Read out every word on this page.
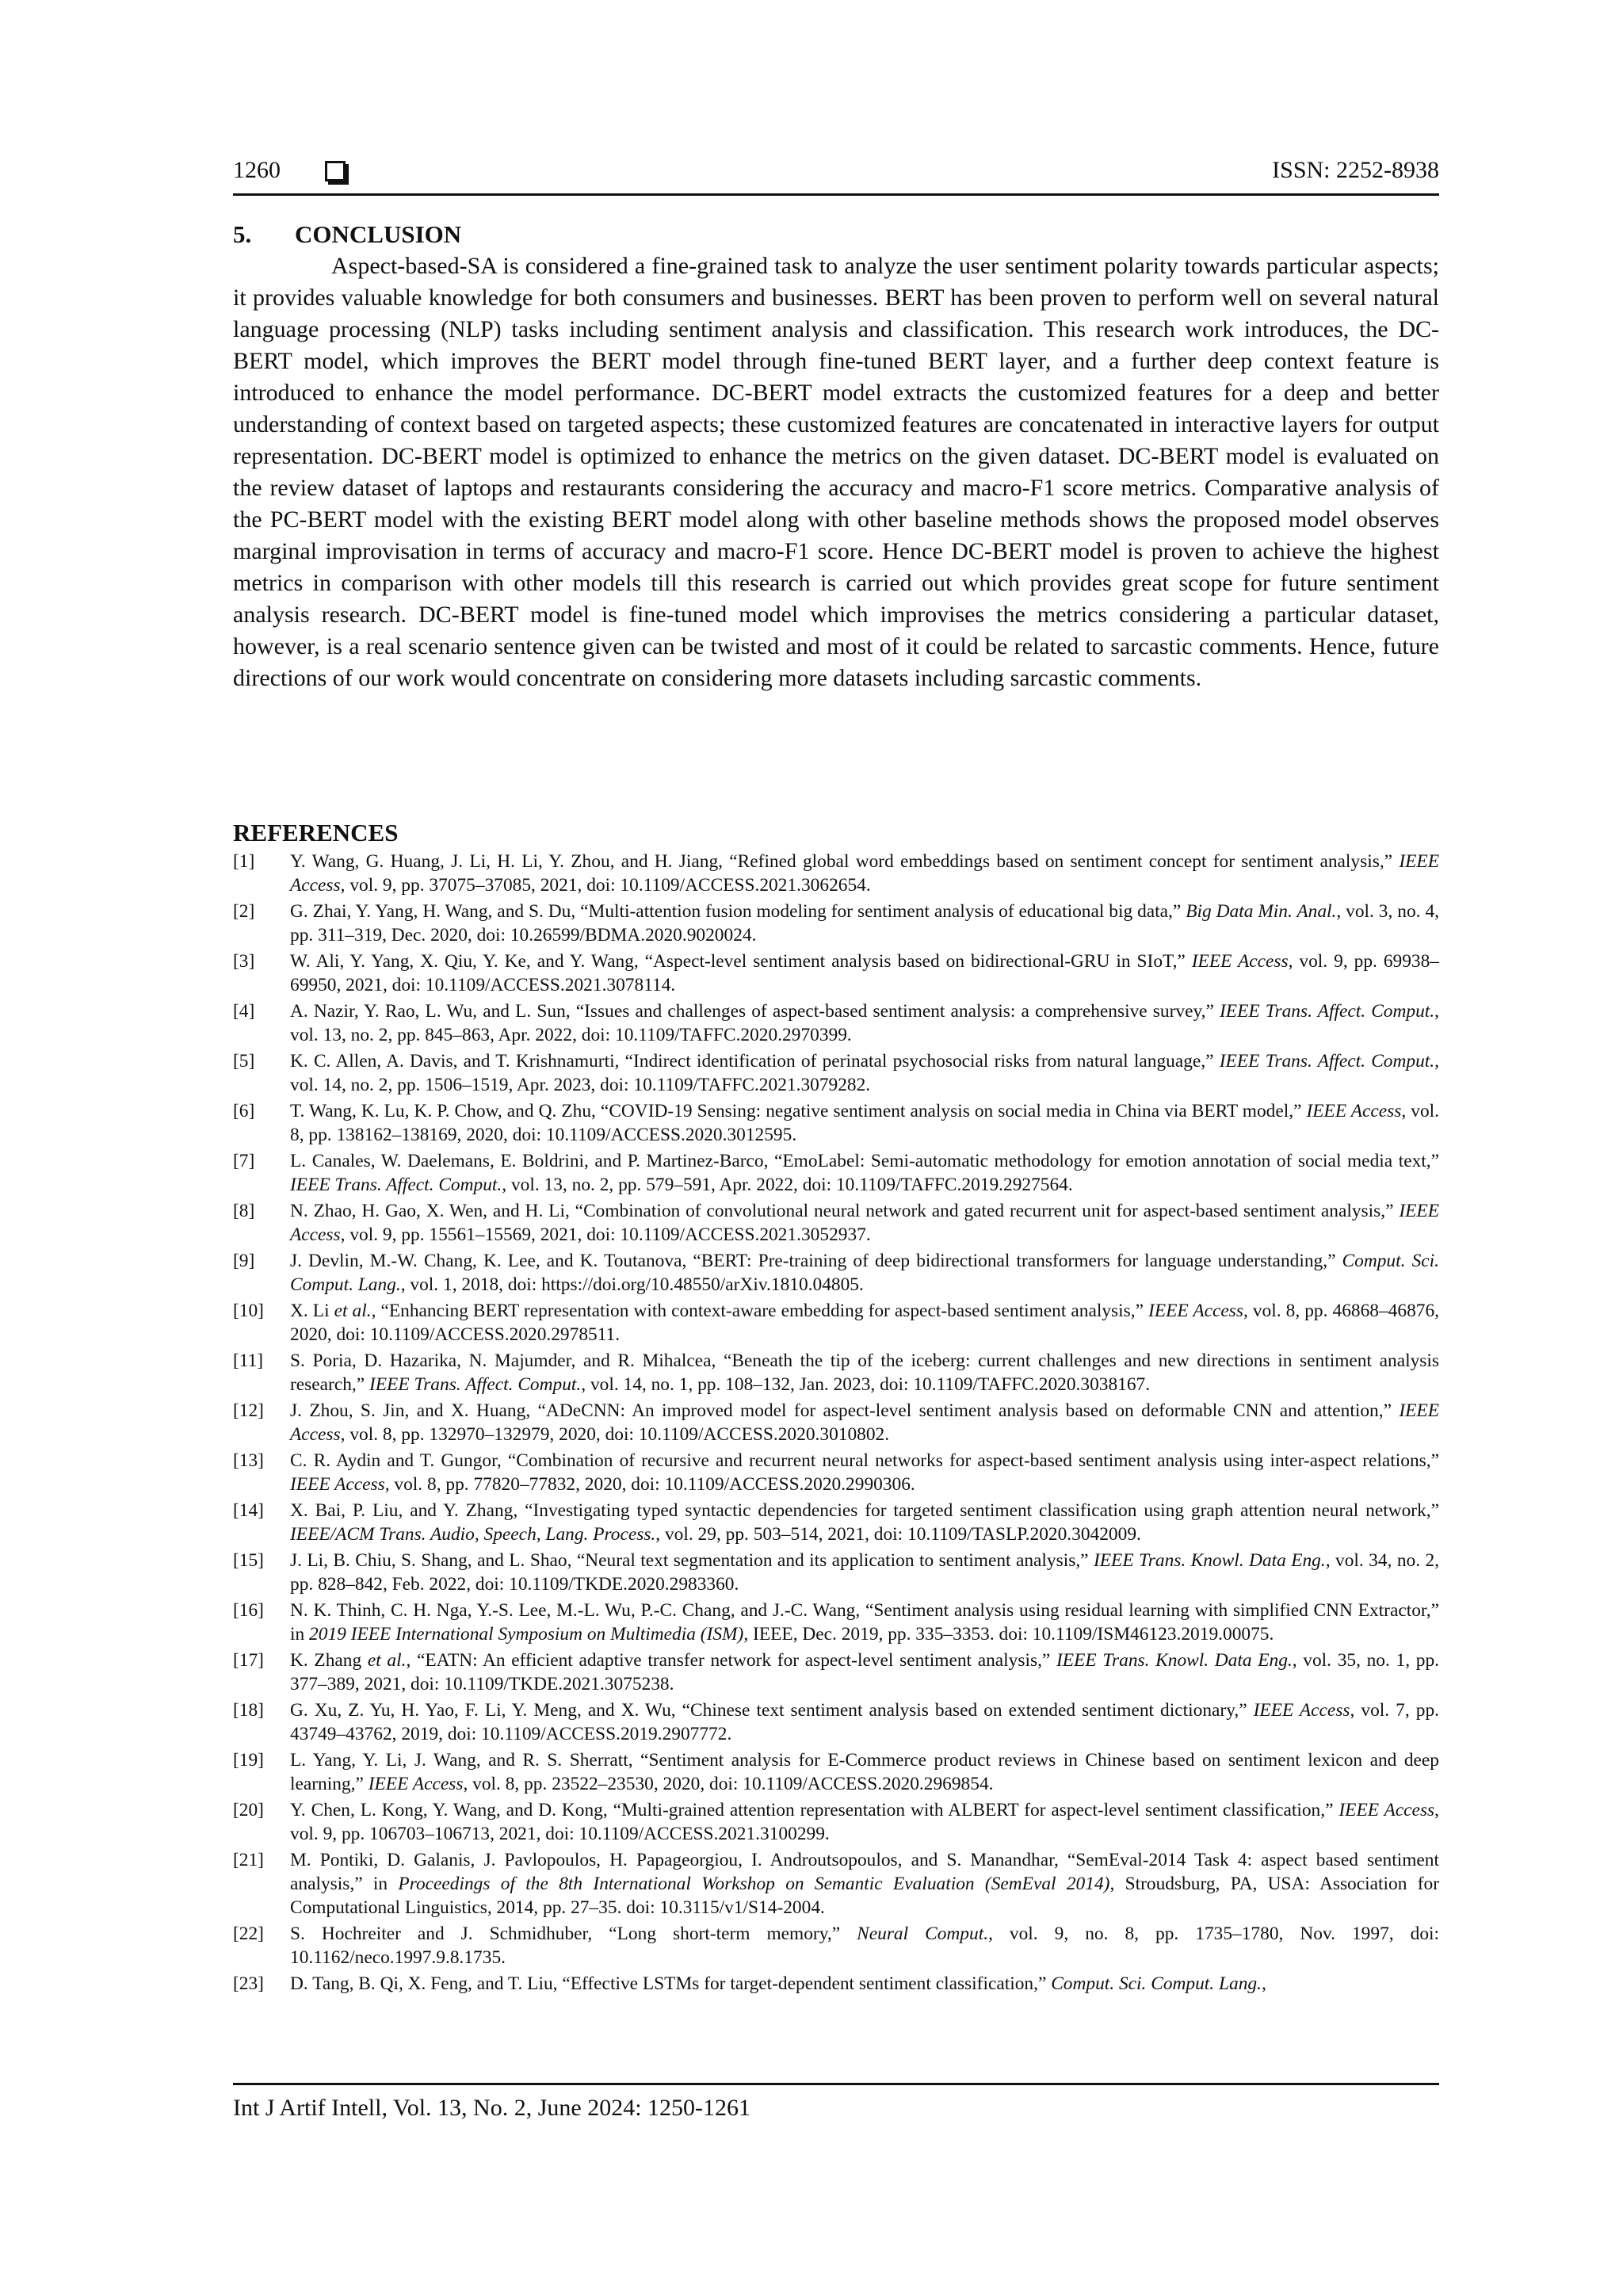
1260	ISSN: 2252-8938
5. CONCLUSION

Aspect-based-SA is considered a fine-grained task to analyze the user sentiment polarity towards particular aspects; it provides valuable knowledge for both consumers and businesses. BERT has been proven to perform well on several natural language processing (NLP) tasks including sentiment analysis and classification. This research work introduces, the DC-BERT model, which improves the BERT model through fine-tuned BERT layer, and a further deep context feature is introduced to enhance the model performance. DC-BERT model extracts the customized features for a deep and better understanding of context based on targeted aspects; these customized features are concatenated in interactive layers for output representation. DC-BERT model is optimized to enhance the metrics on the given dataset. DC-BERT model is evaluated on the review dataset of laptops and restaurants considering the accuracy and macro-F1 score metrics. Comparative analysis of the PC-BERT model with the existing BERT model along with other baseline methods shows the proposed model observes marginal improvisation in terms of accuracy and macro-F1 score. Hence DC-BERT model is proven to achieve the highest metrics in comparison with other models till this research is carried out which provides great scope for future sentiment analysis research. DC-BERT model is fine-tuned model which improvises the metrics considering a particular dataset, however, is a real scenario sentence given can be twisted and most of it could be related to sarcastic comments. Hence, future directions of our work would concentrate on considering more datasets including sarcastic comments.

REFERENCES
[1] Y. Wang, G. Huang, J. Li, H. Li, Y. Zhou, and H. Jiang, “Refined global word embeddings based on sentiment concept for sentiment analysis,” IEEE Access, vol. 9, pp. 37075–37085, 2021, doi: 10.1109/ACCESS.2021.3062654.
[2] G. Zhai, Y. Yang, H. Wang, and S. Du, “Multi-attention fusion modeling for sentiment analysis of educational big data,” Big Data Min. Anal., vol. 3, no. 4, pp. 311–319, Dec. 2020, doi: 10.26599/BDMA.2020.9020024.
[3] W. Ali, Y. Yang, X. Qiu, Y. Ke, and Y. Wang, “Aspect-level sentiment analysis based on bidirectional-GRU in SIoT,” IEEE Access, vol. 9, pp. 69938–69950, 2021, doi: 10.1109/ACCESS.2021.3078114.
[4] A. Nazir, Y. Rao, L. Wu, and L. Sun, “Issues and challenges of aspect-based sentiment analysis: a comprehensive survey,” IEEE Trans. Affect. Comput., vol. 13, no. 2, pp. 845–863, Apr. 2022, doi: 10.1109/TAFFC.2020.2970399.
[5] K. C. Allen, A. Davis, and T. Krishnamurti, “Indirect identification of perinatal psychosocial risks from natural language,” IEEE Trans. Affect. Comput., vol. 14, no. 2, pp. 1506–1519, Apr. 2023, doi: 10.1109/TAFFC.2021.3079282.
[6] T. Wang, K. Lu, K. P. Chow, and Q. Zhu, “COVID-19 Sensing: negative sentiment analysis on social media in China via BERT model,” IEEE Access, vol. 8, pp. 138162–138169, 2020, doi: 10.1109/ACCESS.2020.3012595.
[7] L. Canales, W. Daelemans, E. Boldrini, and P. Martinez-Barco, “EmoLabel: Semi-automatic methodology for emotion annotation of social media text,” IEEE Trans. Affect. Comput., vol. 13, no. 2, pp. 579–591, Apr. 2022, doi: 10.1109/TAFFC.2019.2927564.
[8] N. Zhao, H. Gao, X. Wen, and H. Li, “Combination of convolutional neural network and gated recurrent unit for aspect-based sentiment analysis,” IEEE Access, vol. 9, pp. 15561–15569, 2021, doi: 10.1109/ACCESS.2021.3052937.
[9] J. Devlin, M.-W. Chang, K. Lee, and K. Toutanova, “BERT: Pre-training of deep bidirectional transformers for language understanding,” Comput. Sci. Comput. Lang., vol. 1, 2018, doi: https://doi.org/10.48550/arXiv.1810.04805.
[10] X. Li et al., “Enhancing BERT representation with context-aware embedding for aspect-based sentiment analysis,” IEEE Access, vol. 8, pp. 46868–46876, 2020, doi: 10.1109/ACCESS.2020.2978511.
[11] S. Poria, D. Hazarika, N. Majumder, and R. Mihalcea, “Beneath the tip of the iceberg: current challenges and new directions in sentiment analysis research,” IEEE Trans. Affect. Comput., vol. 14, no. 1, pp. 108–132, Jan. 2023, doi: 10.1109/TAFFC.2020.3038167.
[12] J. Zhou, S. Jin, and X. Huang, “ADeCNN: An improved model for aspect-level sentiment analysis based on deformable CNN and attention,” IEEE Access, vol. 8, pp. 132970–132979, 2020, doi: 10.1109/ACCESS.2020.3010802.
[13] C. R. Aydin and T. Gungor, “Combination of recursive and recurrent neural networks for aspect-based sentiment analysis using inter-aspect relations,” IEEE Access, vol. 8, pp. 77820–77832, 2020, doi: 10.1109/ACCESS.2020.2990306.
[14] X. Bai, P. Liu, and Y. Zhang, “Investigating typed syntactic dependencies for targeted sentiment classification using graph attention neural network,” IEEE/ACM Trans. Audio, Speech, Lang. Process., vol. 29, pp. 503–514, 2021, doi: 10.1109/TASLP.2020.3042009.
[15] J. Li, B. Chiu, S. Shang, and L. Shao, “Neural text segmentation and its application to sentiment analysis,” IEEE Trans. Knowl. Data Eng., vol. 34, no. 2, pp. 828–842, Feb. 2022, doi: 10.1109/TKDE.2020.2983360.
[16] N. K. Thinh, C. H. Nga, Y.-S. Lee, M.-L. Wu, P.-C. Chang, and J.-C. Wang, “Sentiment analysis using residual learning with simplified CNN Extractor,” in 2019 IEEE International Symposium on Multimedia (ISM), IEEE, Dec. 2019, pp. 335–3353. doi: 10.1109/ISM46123.2019.00075.
[17] K. Zhang et al., “EATN: An efficient adaptive transfer network for aspect-level sentiment analysis,” IEEE Trans. Knowl. Data Eng., vol. 35, no. 1, pp. 377–389, 2021, doi: 10.1109/TKDE.2021.3075238.
[18] G. Xu, Z. Yu, H. Yao, F. Li, Y. Meng, and X. Wu, “Chinese text sentiment analysis based on extended sentiment dictionary,” IEEE Access, vol. 7, pp. 43749–43762, 2019, doi: 10.1109/ACCESS.2019.2907772.
[19] L. Yang, Y. Li, J. Wang, and R. S. Sherratt, “Sentiment analysis for E-Commerce product reviews in Chinese based on sentiment lexicon and deep learning,” IEEE Access, vol. 8, pp. 23522–23530, 2020, doi: 10.1109/ACCESS.2020.2969854.
[20] Y. Chen, L. Kong, Y. Wang, and D. Kong, “Multi-grained attention representation with ALBERT for aspect-level sentiment classification,” IEEE Access, vol. 9, pp. 106703–106713, 2021, doi: 10.1109/ACCESS.2021.3100299.
[21] M. Pontiki, D. Galanis, J. Pavlopoulos, H. Papageorgiou, I. Androutsopoulos, and S. Manandhar, “SemEval-2014 Task 4: aspect based sentiment analysis,” in Proceedings of the 8th International Workshop on Semantic Evaluation (SemEval 2014), Stroudsburg, PA, USA: Association for Computational Linguistics, 2014, pp. 27–35. doi: 10.3115/v1/S14-2004.
[22] S. Hochreiter and J. Schmidhuber, “Long short-term memory,” Neural Comput., vol. 9, no. 8, pp. 1735–1780, Nov. 1997, doi: 10.1162/neco.1997.9.8.1735.
[23] D. Tang, B. Qi, X. Feng, and T. Liu, “Effective LSTMs for target-dependent sentiment classification,” Comput. Sci. Comput. Lang.,
Int J Artif Intell, Vol. 13, No. 2, June 2024: 1250-1261
